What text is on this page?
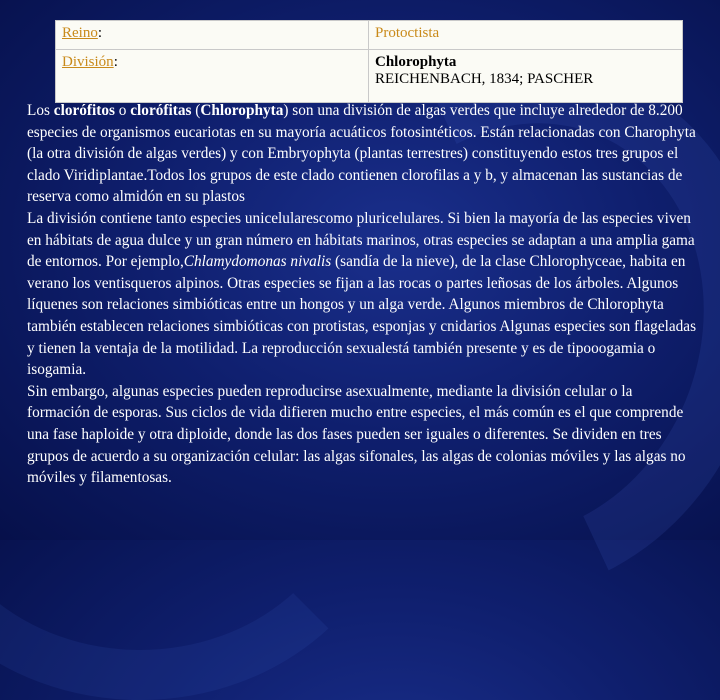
Reino:	Protoctista
División:	Chlorophyta
REICHENBACH, 1834; PASCHER

Los clorófitos o clorófitas (Chlorophyta) son una división de algas verdes que incluye alrededor de 8.200 especies de organismos eucariotas en su mayoría acuáticos fotosintéticos. Están relacionadas con Charophyta (la otra división de algas verdes) y con Embryophyta (plantas terrestres) constituyendo estos tres grupos el clado Viridiplantae.Todos los grupos de este clado contienen clorofilas a y b, y almacenan las sustancias de reserva como almidón en su plastos

La división contiene tanto especies unicelularescomo pluricelulares. Si bien la mayoría de las especies viven en hábitats de agua dulce y un gran número en hábitats marinos, otras especies se adaptan a una amplia gama de entornos. Por ejemplo,Chlamydomonas nivalis (sandía de la nieve), de la clase Chlorophyceae, habita en verano los ventisqueros alpinos. Otras especies se fijan a las rocas o partes leñosas de los árboles. Algunos líquenes son relaciones simbióticas entre un hongos y un alga verde. Algunos miembros de Chlorophyta también establecen relaciones simbióticas con protistas, esponjas y cnidarios Algunas especies son flageladas y tienen la ventaja de la motilidad. La reproducción sexualestá también presente y es de tipooogamia o isogamia.

Sin embargo, algunas especies pueden reproducirse asexualmente, mediante la división celular o la formación de esporas. Sus ciclos de vida difieren mucho entre especies, el más común es el que comprende una fase haploide y otra diploide, donde las dos fases pueden ser iguales o diferentes. Se dividen en tres grupos de acuerdo a su organización celular: las algas sifonales, las algas de colonias móviles y las algas no móviles y filamentosas.
